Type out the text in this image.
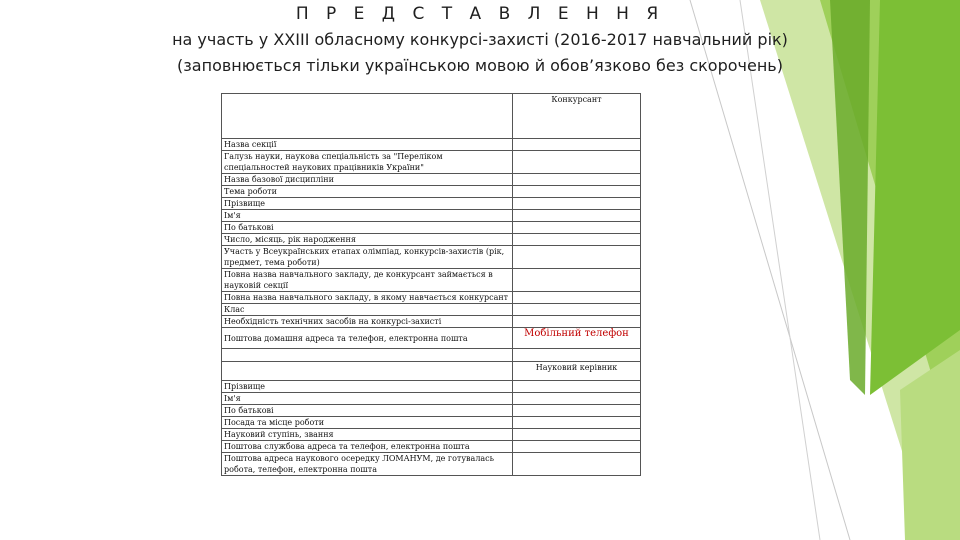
П Р Е Д С Т А В Л Е Н Н Я
на участь у XXIII обласному конкурсі-захисті (2016-2017 навчальний рік)
(заповнюється тільки українською мовою й обов’язково без скорочень)
	Конкурсант
Назва секції	
Галузь науки, наукова спеціальність за "Переліком спеціальностей наукових працівників України"	
Назва базової дисципліни	
Тема роботи	
Прізвище	
Ім'я	
По батькові	
Число, місяць, рік народження	
Участь у Всеукраїнських етапах олімпіад, конкурсів-захистів (рік, предмет, тема роботи)	
Повна назва навчального закладу, де конкурсант займається в науковій секції	
Повна назва навчального закладу, в якому навчається конкурсант	
Клас	
Необхідність технічних засобів на конкурсі-захисті	
Поштова домашня адреса та телефон, електронна пошта	Мобільний телефон

	Науковий керівник
Прізвище	
Ім'я	
По батькові	
Посада та місце роботи	
Науковий ступінь, звання	
Поштова службова адреса та телефон, електронна пошта	
Поштова адреса наукового осередку ЛОМАНУМ, де готувалась робота, телефон, електронна пошта	
